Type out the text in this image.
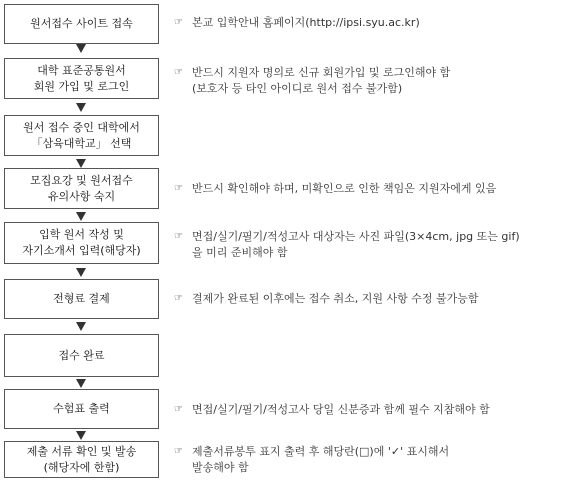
원서접수 사이트 접속
대학 표준공통원서
회원 가입 및 로그인
원서 접수 중인 대학에서
「삼육대학교」 선택
모집요강 및 원서접수
유의사항 숙지
입학 원서 작성 및
자기소개서 입력(해당자)
전형료 결제
접수 완료
수험표 출력
제출 서류 확인 및 발송
(해당자에 한함)
☞ 본교 입학안내 홈페이지(http://ipsi.syu.ac.kr)
☞ 반드시 지원자 명의로 신규 회원가입 및 로그인해야 함
(보호자 등 타인 아이디로 원서 접수 불가함)
☞ 반드시 확인해야 하며, 미확인으로 인한 책임은 지원자에게 있음
☞ 면접/실기/필기/적성고사 대상자는 사진 파일(3×4cm, jpg 또는 gif)
을 미리 준비해야 함
☞ 결제가 완료된 이후에는 접수 취소, 지원 사항 수정 불가능함
☞ 면접/실기/필기/적성고사 당일 신분증과 함께 필수 지참해야 함
☞ 제출서류봉투 표지 출력 후 해당란(□)에 '✓' 표시해서
발송해야 함
